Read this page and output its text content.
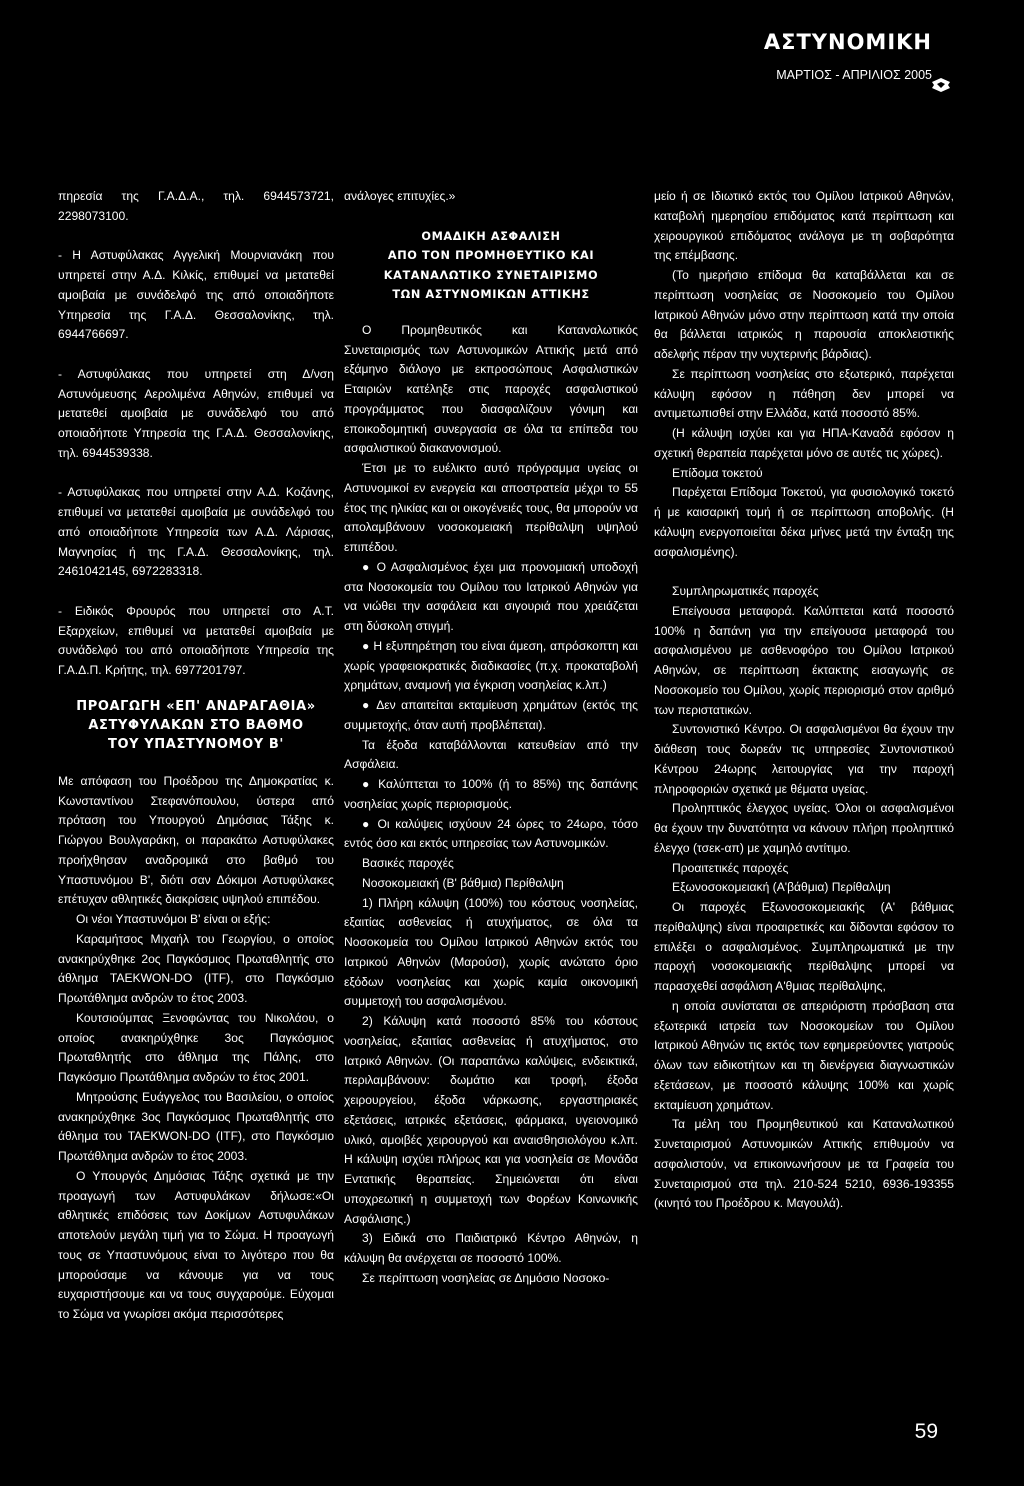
ΑΣΤΥΝΟΜΙΚΗ
ΜΑΡΤΙΟΣ - ΑΠΡΙΛΙΟΣ 2005

πηρεσία της Γ.Α.Δ.Α., τηλ. 6944573721, 2298073100.

- Η Αστυφύλακας Αγγελική Μουρνιανάκη που υπηρετεί στην Α.Δ. Κιλκίς, επιθυμεί να μετατεθεί αμοιβαία με συνάδελφό της από οποιαδήποτε Υπηρεσία της Γ.Α.Δ. Θεσσαλονίκης, τηλ. 6944766697.

- Αστυφύλακας που υπηρετεί στη Δ/νση Αστυνόμευσης Αερολιμένα Αθηνών, επιθυμεί να μετατεθεί αμοιβαία με συνάδελφό του από οποιαδήποτε Υπηρεσία της Γ.Α.Δ. Θεσσαλονίκης, τηλ. 6944539338.

- Αστυφύλακας που υπηρετεί στην Α.Δ. Κοζάνης, επιθυμεί να μετατεθεί αμοιβαία με συνάδελφό του από οποιαδήποτε Υπηρεσία των Α.Δ. Λάρισας, Μαγνησίας ή της Γ.Α.Δ. Θεσσαλονίκης, τηλ. 2461042145, 6972283318.

- Ειδικός Φρουρός που υπηρετεί στο Α.Τ. Εξαρχείων, επιθυμεί να μετατεθεί αμοιβαία με συνάδελφό του από οποιαδήποτε Υπηρεσία της Γ.Α.Δ.Π. Κρήτης, τηλ. 6977201797.

ΠΡΟΑΓΩΓΗ «ΕΠ' ΑΝΔΡΑΓΑΘΙΑ»
ΑΣΤΥΦΥΛΑΚΩΝ ΣΤΟ ΒΑΘΜΟ
ΤΟΥ ΥΠΑΣΤΥΝΟΜΟΥ Β'

Με απόφαση του Προέδρου της Δημοκρατίας κ. Κωνσταντίνου Στεφανόπουλου, ύστερα από πρόταση του Υπουργού Δημόσιας Τάξης κ. Γιώργου Βουλγαράκη, οι παρακάτω Αστυφύλακες προήχθησαν αναδρομικά στο βαθμό του Υπαστυνόμου Β', διότι σαν Δόκιμοι Αστυφύλακες επέτυχαν αθλητικές διακρίσεις υψηλού επιπέδου.

Οι νέοι Υπαστυνόμοι Β' είναι οι εξής:

Καραμήτσος Μιχαήλ του Γεωργίου, ο οποίος ανακηρύχθηκε 2ος Παγκόσμιος Πρωταθλητής στο άθλημα TAEKWON-DO (ITF), στο Παγκόσμιο Πρωτάθλημα ανδρών το έτος 2003.

Κουτσιούμπας Ξενοφώντας του Νικολάου, ο οποίος ανακηρύχθηκε 3ος Παγκόσμιος Πρωταθλητής στο άθλημα της Πάλης, στο Παγκόσμιο Πρωτάθλημα ανδρών το έτος 2001.

Μητρούσης Ευάγγελος του Βασιλείου, ο οποίος ανακηρύχθηκε 3ος Παγκόσμιος Πρωταθλητής στο άθλημα του TAEKWON-DO (ITF), στο Παγκόσμιο Πρωτάθλημα ανδρών το έτος 2003.

Ο Υπουργός Δημόσιας Τάξης σχετικά με την προαγωγή των Αστυφυλάκων δήλωσε:«Οι αθλητικές επιδόσεις των Δοκίμων Αστυφυλάκων αποτελούν μεγάλη τιμή για το Σώμα. Η προαγωγή τους σε Υπαστυνόμους είναι το λιγότερο που θα μπορούσαμε να κάνουμε για να τους ευχαριστήσουμε και να τους συγχαρούμε. Εύχομαι το Σώμα να γνωρίσει ακόμα περισσότερες

ανάλογες επιτυχίες.»

ΟΜΑΔΙΚΗ ΑΣΦΑΛΙΣΗ
ΑΠΟ ΤΟΝ ΠΡΟΜΗΘΕΥΤΙΚΟ ΚΑΙ
ΚΑΤΑΝΑΛΩΤΙΚΟ ΣΥΝΕΤΑΙΡΙΣΜΟ
ΤΩΝ ΑΣΤΥΝΟΜΙΚΩΝ ΑΤΤΙΚΗΣ

Ο Προμηθευτικός και Καταναλωτικός Συνεταιρισμός των Αστυνομικών Αττικής μετά από εξάμηνο διάλογο με εκπροσώπους Ασφαλιστικών Εταιριών κατέληξε στις παροχές ασφαλιστικού προγράμματος που διασφαλίζουν γόνιμη και εποικοδομητική συνεργασία σε όλα τα επίπεδα του ασφαλιστικού διακανονισμού.

Έτσι με το ευέλικτο αυτό πρόγραμμα υγείας οι Αστυνομικοί εν ενεργεία και αποστρατεία μέχρι το 55 έτος της ηλικίας και οι οικογένειές τους, θα μπορούν να απολαμβάνουν νοσοκομειακή περίθαλψη υψηλού επιπέδου.

● Ο Ασφαλισμένος έχει μια προνομιακή υποδοχή στα Νοσοκομεία του Ομίλου του Ιατρικού Αθηνών για να νιώθει την ασφάλεια και σιγουριά που χρειάζεται στη δύσκολη στιγμή.

● Η εξυπηρέτηση του είναι άμεση, απρόσκοπτη και χωρίς γραφειοκρατικές διαδικασίες (π.χ. προκαταβολή χρημάτων, αναμονή για έγκριση νοσηλείας κ.λπ.)

● Δεν απαιτείται εκταμίευση χρημάτων (εκτός της συμμετοχής, όταν αυτή προβλέπεται).

Τα έξοδα καταβάλλονται κατευθείαν από την Ασφάλεια.

● Καλύπτεται το 100% (ή το 85%) της δαπάνης νοσηλείας χωρίς περιορισμούς.

● Οι καλύψεις ισχύουν 24 ώρες το 24ωρο, τόσο εντός όσο και εκτός υπηρεσίας των Αστυνομικών.

Βασικές παροχές

Νοσοκομειακή (Β' βάθμια) Περίθαλψη

1) Πλήρη κάλυψη (100%) του κόστους νοσηλείας, εξαιτίας ασθενείας ή ατυχήματος, σε όλα τα Νοσοκομεία του Ομίλου Ιατρικού Αθηνών εκτός του Ιατρικού Αθηνών (Μαρούσι), χωρίς ανώτατο όριο εξόδων νοσηλείας και χωρίς καμία οικονομική συμμετοχή του ασφαλισμένου.

2) Κάλυψη κατά ποσοστό 85% του κόστους νοσηλείας, εξαιτίας ασθενείας ή ατυχήματος, στο Ιατρικό Αθηνών. (Οι παραπάνω καλύψεις, ενδεικτικά, περιλαμβάνουν: δωμάτιο και τροφή, έξοδα χειρουργείου, έξοδα νάρκωσης, εργαστηριακές εξετάσεις, ιατρικές εξετάσεις, φάρμακα, υγειονομικό υλικό, αμοιβές χειρουργού και αναισθησιολόγου κ.λπ. Η κάλυψη ισχύει πλήρως και για νοσηλεία σε Μονάδα Εντατικής θεραπείας. Σημειώνεται ότι είναι υποχρεωτική η συμμετοχή των Φορέων Κοινωνικής Ασφάλισης.)

3) Ειδικά στο Παιδιατρικό Κέντρο Αθηνών, η κάλυψη θα ανέρχεται σε ποσοστό 100%.

Σε περίπτωση νοσηλείας σε Δημόσιο Νοσοκο-

μείο ή σε Ιδιωτικό εκτός του Ομίλου Ιατρικού Αθηνών, καταβολή ημερησίου επιδόματος κατά περίπτωση και χειρουργικού επιδόματος ανάλογα με τη σοβαρότητα της επέμβασης.

(Το ημερήσιο επίδομα θα καταβάλλεται και σε περίπτωση νοσηλείας σε Νοσοκομείο του Ομίλου Ιατρικού Αθηνών μόνο στην περίπτωση κατά την οποία θα βάλλεται ιατρικώς η παρουσία αποκλειστικής αδελφής πέραν την νυχτερινής βάρδιας).

Σε περίπτωση νοσηλείας στο εξωτερικό, παρέχεται κάλυψη εφόσον η πάθηση δεν μπορεί να αντιμετωπισθεί στην Ελλάδα, κατά ποσοστό 85%.

(Η κάλυψη ισχύει και για ΗΠΑ-Καναδά εφόσον η σχετική θεραπεία παρέχεται μόνο σε αυτές τις χώρες).

Επίδομα τοκετού

Παρέχεται Επίδομα Τοκετού, για φυσιολογικό τοκετό ή με καισαρική τομή ή σε περίπτωση αποβολής. (Η κάλυψη ενεργοποιείται δέκα μήνες μετά την ένταξη της ασφαλισμένης).

Συμπληρωματικές παροχές

Επείγουσα μεταφορά. Καλύπτεται κατά ποσοστό 100% η δαπάνη για την επείγουσα μεταφορά του ασφαλισμένου με ασθενοφόρο του Ομίλου Ιατρικού Αθηνών, σε περίπτωση έκτακτης εισαγωγής σε Νοσοκομείο του Ομίλου, χωρίς περιορισμό στον αριθμό των περιστατικών.

Συντονιστικό Κέντρο. Οι ασφαλισμένοι θα έχουν την διάθεση τους δωρεάν τις υπηρεσίες Συντονιστικού Κέντρου 24ωρης λειτουργίας για την παροχή πληροφοριών σχετικά με θέματα υγείας.

Προληπτικός έλεγχος υγείας. Όλοι οι ασφαλισμένοι θα έχουν την δυνατότητα να κάνουν πλήρη προληπτικό έλεγχο (τσεκ-απ) με χαμηλό αντίτιμο.

Προαιτετικές παροχές

Εξωνοσοκομειακή (Α'βάθμια) Περίθαλψη

Οι παροχές Εξωνοσοκομειακής (Α' βάθμιας περίθαλψης) είναι προαιρετικές και δίδονται εφόσον το επιλέξει ο ασφαλισμένος. Συμπληρωματικά με την παροχή νοσοκομειακής περίθαλψης μπορεί να παρασχεθεί ασφάλιση Α'θμιας περίθαλψης,

η οποία συνίσταται σε απεριόριστη πρόσβαση στα εξωτερικά ιατρεία των Νοσοκομείων του Ομίλου Ιατρικού Αθηνών τις εκτός των εφημερεύοντες γιατρούς όλων των ειδικοτήτων και τη διενέργεια διαγνωστικών εξετάσεων, με ποσοστό κάλυψης 100% και χωρίς εκταμίευση χρημάτων.

Τα μέλη του Προμηθευτικού και Καταναλωτικού Συνεταιρισμού Αστυνομικών Αττικής επιθυμούν να ασφαλιστούν, να επικοινωνήσουν με τα Γραφεία του Συνεταιρισμού στα τηλ. 210-524 5210, 6936-193355 (κινητό του Προέδρου κ. Μαγουλά).

59
